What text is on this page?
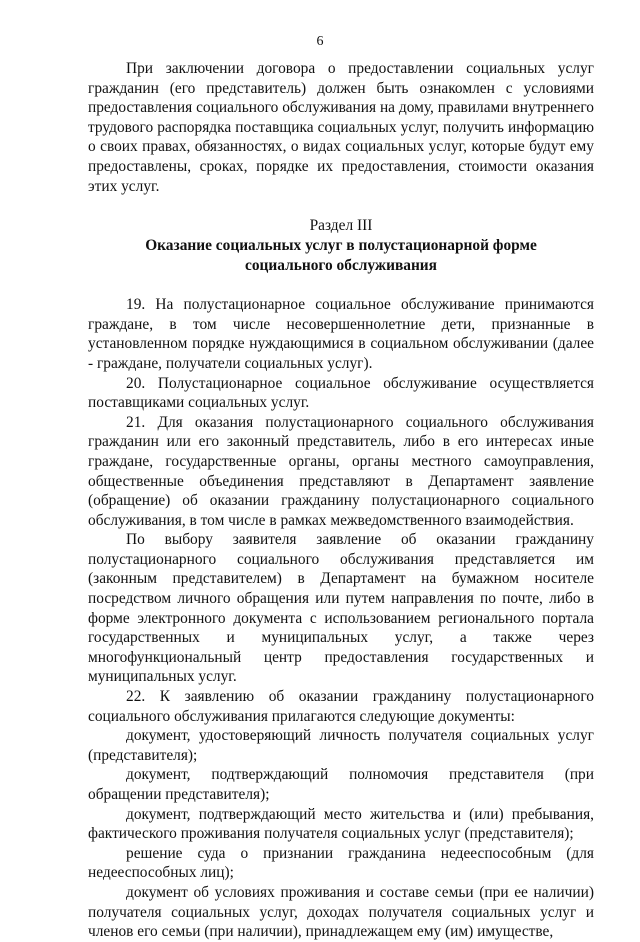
6

При заключении договора о предоставлении социальных услуг гражданин (его представитель) должен быть ознакомлен с условиями предоставления социального обслуживания на дому, правилами внутреннего трудового распорядка поставщика социальных услуг, получить информацию о своих правах, обязанностях, о видах социальных услуг, которые будут ему предоставлены, сроках, порядке их предоставления, стоимости оказания этих услуг.

Раздел III
Оказание социальных услуг в полустационарной форме социального обслуживания

19. На полустационарное социальное обслуживание принимаются граждане, в том числе несовершеннолетние дети, признанные в установленном порядке нуждающимися в социальном обслуживании (далее - граждане, получатели социальных услуг).

20. Полустационарное социальное обслуживание осуществляется поставщиками социальных услуг.

21. Для оказания полустационарного социального обслуживания гражданин или его законный представитель, либо в его интересах иные граждане, государственные органы, органы местного самоуправления, общественные объединения представляют в Департамент заявление (обращение) об оказании гражданину полустационарного социального обслуживания, в том числе в рамках межведомственного взаимодействия.

По выбору заявителя заявление об оказании гражданину полустационарного социального обслуживания представляется им (законным представителем) в Департамент на бумажном носителе посредством личного обращения или путем направления по почте, либо в форме электронного документа с использованием регионального портала государственных и муниципальных услуг, а также через многофункциональный центр предоставления государственных и муниципальных услуг.

22. К заявлению об оказании гражданину полустационарного социального обслуживания прилагаются следующие документы:

документ, удостоверяющий личность получателя социальных услуг (представителя);

документ, подтверждающий полномочия представителя (при обращении представителя);

документ, подтверждающий место жительства и (или) пребывания, фактического проживания получателя социальных услуг (представителя);

решение суда о признании гражданина недееспособным (для недееспособных лиц);

документ об условиях проживания и составе семьи (при ее наличии) получателя социальных услуг, доходах получателя социальных услуг и членов его семьи (при наличии), принадлежащем ему (им) имуществе,
